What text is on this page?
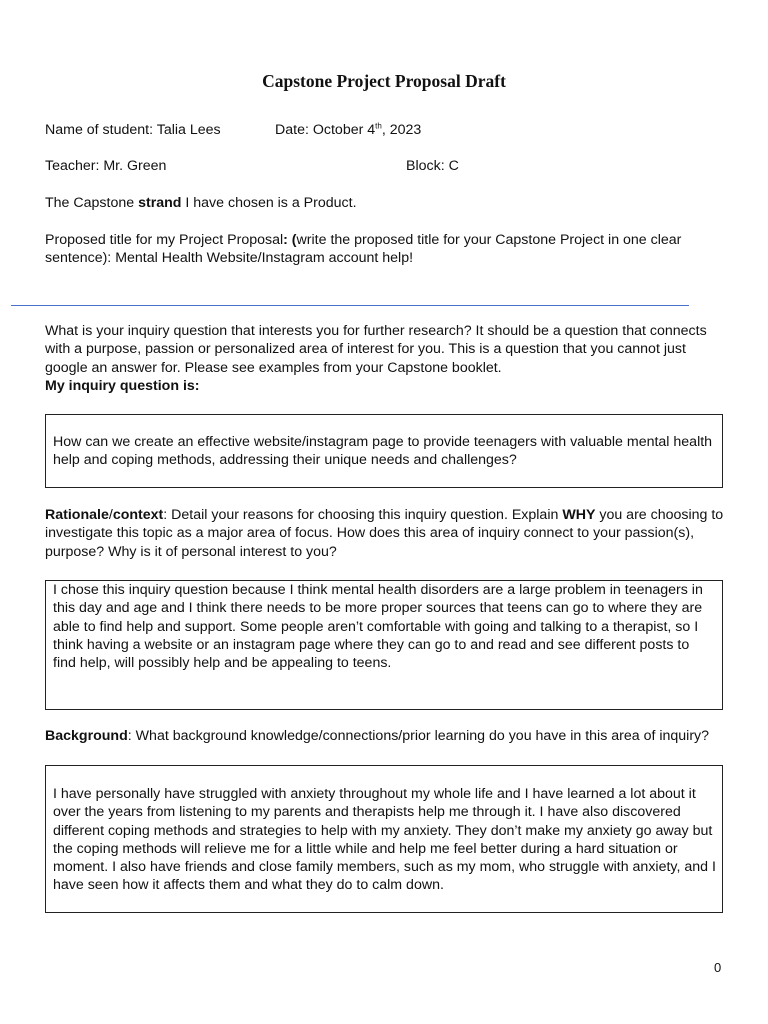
Capstone Project Proposal Draft
Name of student: Talia Lees	Date: October 4th, 2023
Teacher: Mr. Green	Block: C
The Capstone strand I have chosen is a Product.
Proposed title for my Project Proposal: (write the proposed title for your Capstone Project in one clear sentence): Mental Health Website/Instagram account help!
What is your inquiry question that interests you for further research? It should be a question that connects with a purpose, passion or personalized area of interest for you. This is a question that you cannot just google an answer for. Please see examples from your Capstone booklet.
My inquiry question is:
How can we create an effective website/instagram page to provide teenagers with valuable mental health help and coping methods, addressing their unique needs and challenges?
Rationale/context: Detail your reasons for choosing this inquiry question. Explain WHY you are choosing to investigate this topic as a major area of focus. How does this area of inquiry connect to your passion(s), purpose? Why is it of personal interest to you?
I chose this inquiry question because I think mental health disorders are a large problem in teenagers in this day and age and I think there needs to be more proper sources that teens can go to where they are able to find help and support. Some people aren’t comfortable with going and talking to a therapist, so I think having a website or an instagram page where they can go to and read and see different posts to find help, will possibly help and be appealing to teens.
Background: What background knowledge/connections/prior learning do you have in this area of inquiry?
I have personally have struggled with anxiety throughout my whole life and I have learned a lot about it over the years from listening to my parents and therapists help me through it. I have also discovered different coping methods and strategies to help with my anxiety. They don’t make my anxiety go away but the coping methods will relieve me for a little while and help me feel better during a hard situation or moment. I also have friends and close family members, such as my mom, who struggle with anxiety, and I have seen how it affects them and what they do to calm down.
0
